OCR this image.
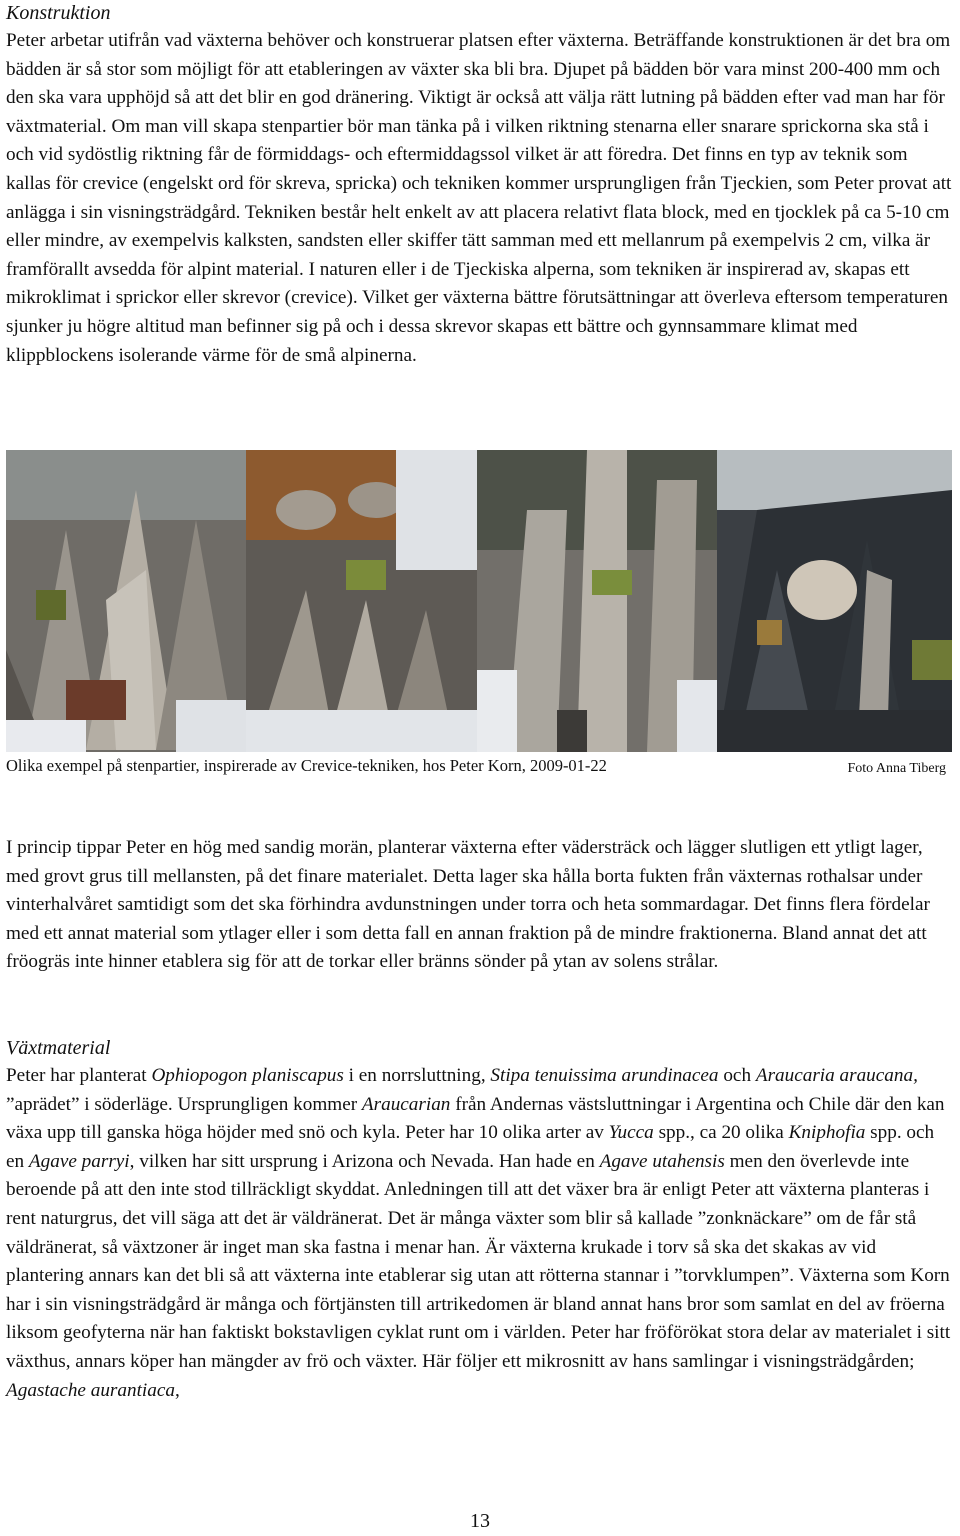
Konstruktion

Peter arbetar utifrån vad växterna behöver och konstruerar platsen efter växterna. Beträffande konstruktionen är det bra om bädden är så stor som möjligt för att etableringen av växter ska bli bra. Djupet på bädden bör vara minst 200-400 mm och den ska vara upphöjd så att det blir en god dränering. Viktigt är också att välja rätt lutning på bädden efter vad man har för växtmaterial. Om man vill skapa stenpartier bör man tänka på i vilken riktning stenarna eller snarare sprickorna ska stå i och vid sydöstlig riktning får de förmiddags- och eftermiddagssol vilket är att föredra. Det finns en typ av teknik som kallas för crevice (engelskt ord för skreva, spricka) och tekniken kommer ursprungligen från Tjeckien, som Peter provat att anlägga i sin visningsträdgård. Tekniken består helt enkelt av att placera relativt flata block, med en tjocklek på ca 5-10 cm eller mindre, av exempelvis kalksten, sandsten eller skiffer tätt samman med ett mellanrum på exempelvis 2 cm, vilka är framförallt avsedda för alpint material. I naturen eller i de Tjeckiska alperna, som tekniken är inspirerad av, skapas ett mikroklimat i sprickor eller skrevor (crevice). Vilket ger växterna bättre förutsättningar att överleva eftersom temperaturen sjunker ju högre altitud man befinner sig på och i dessa skrevor skapas ett bättre och gynnsammare klimat med klippblockens isolerande värme för de små alpinerna.

Olika exempel på stenpartier, inspirerade av Crevice-tekniken, hos Peter Korn, 2009-01-22	Foto Anna Tiberg

I princip tippar Peter en hög med sandig morän, planterar växterna efter vädersträck och lägger slutligen ett ytligt lager, med grovt grus till mellansten, på det finare materialet. Detta lager ska hålla borta fukten från växternas rothalsar under vinterhalvåret samtidigt som det ska förhindra avdunstningen under torra och heta sommardagar. Det finns flera fördelar med ett annat material som ytlager eller i som detta fall en annan fraktion på de mindre fraktionerna. Bland annat det att fröogräs inte hinner etablera sig för att de torkar eller bränns sönder på ytan av solens strålar.

Växtmaterial

Peter har planterat Ophiopogon planiscapus i en norrsluttning, Stipa tenuissima arundinacea och Araucaria araucana, ”aprädet” i söderläge. Ursprungligen kommer Araucarian från Andernas västsluttningar i Argentina och Chile där den kan växa upp till ganska höga höjder med snö och kyla. Peter har 10 olika arter av Yucca spp., ca 20 olika Kniphofia spp. och en Agave parryi, vilken har sitt ursprung i Arizona och Nevada. Han hade en Agave utahensis men den överlevde inte beroende på att den inte stod tillräckligt skyddat. Anledningen till att det växer bra är enligt Peter att växterna planteras i rent naturgrus, det vill säga att det är väldränerat. Det är många växter som blir så kallade ”zonknäckare” om de får stå väldränerat, så växtzoner är inget man ska fastna i menar han. Är växterna krukade i torv så ska det skakas av vid plantering annars kan det bli så att växterna inte etablerar sig utan att rötterna stannar i ”torvklumpen”. Växterna som Korn har i sin visningsträdgård är många och förtjänsten till artrikedomen är bland annat hans bror som samlat en del av fröerna liksom geofyterna när han faktiskt bokstavligen cyklat runt om i världen. Peter har fröförökat stora delar av materialet i sitt växthus, annars köper han mängder av frö och växter. Här följer ett mikrosnitt av hans samlingar i visningsträdgården; Agastache aurantiaca,

13
